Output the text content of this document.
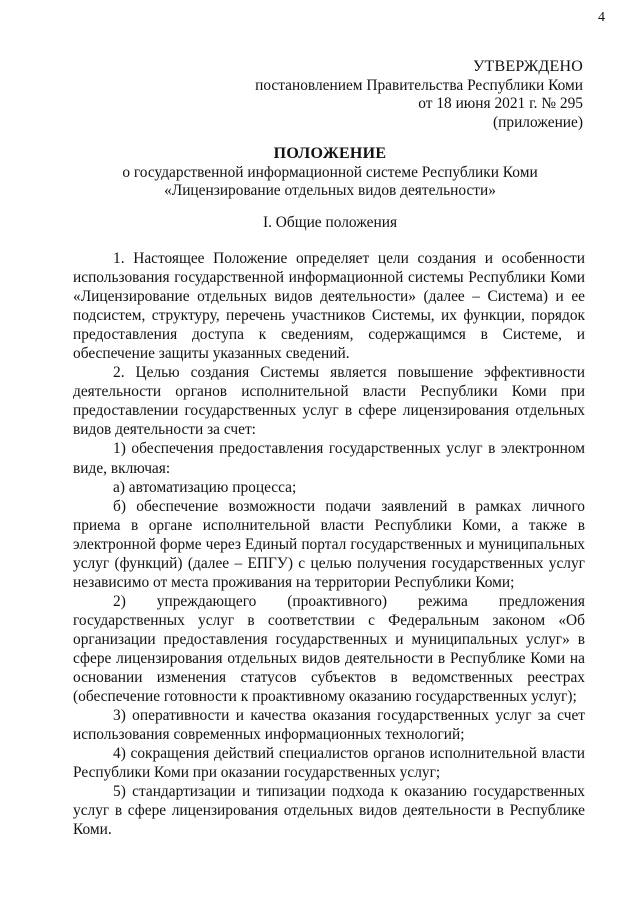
4
УТВЕРЖДЕНО
постановлением Правительства Республики Коми
от 18 июня 2021 г. № 295
(приложение)
ПОЛОЖЕНИЕ
о государственной информационной системе Республики Коми
«Лицензирование отдельных видов деятельности»
I. Общие положения

1. Настоящее Положение определяет цели создания и особенности использования государственной информационной системы Республики Коми «Лицензирование отдельных видов деятельности» (далее – Система) и ее подсистем, структуру, перечень участников Системы, их функции, порядок предоставления доступа к сведениям, содержащимся в Системе, и обеспечение защиты указанных сведений.

2. Целью создания Системы является повышение эффективности деятельности органов исполнительной власти Республики Коми при предоставлении государственных услуг в сфере лицензирования отдельных видов деятельности за счет:

1) обеспечения предоставления государственных услуг в электронном виде, включая:

а) автоматизацию процесса;

б) обеспечение возможности подачи заявлений в рамках личного приема в органе исполнительной власти Республики Коми, а также в электронной форме через Единый портал государственных и муниципальных услуг (функций) (далее – ЕПГУ) с целью получения государственных услуг независимо от места проживания на территории Республики Коми;

2) упреждающего (проактивного) режима предложения государственных услуг в соответствии с Федеральным законом «Об организации предоставления государственных и муниципальных услуг» в сфере лицензирования отдельных видов деятельности в Республике Коми на основании изменения статусов субъектов в ведомственных реестрах (обеспечение готовности к проактивному оказанию государственных услуг);

3) оперативности и качества оказания государственных услуг за счет использования современных информационных технологий;

4) сокращения действий специалистов органов исполнительной власти Республики Коми при оказании государственных услуг;

5) стандартизации и типизации подхода к оказанию государственных услуг в сфере лицензирования отдельных видов деятельности в Республике Коми.
